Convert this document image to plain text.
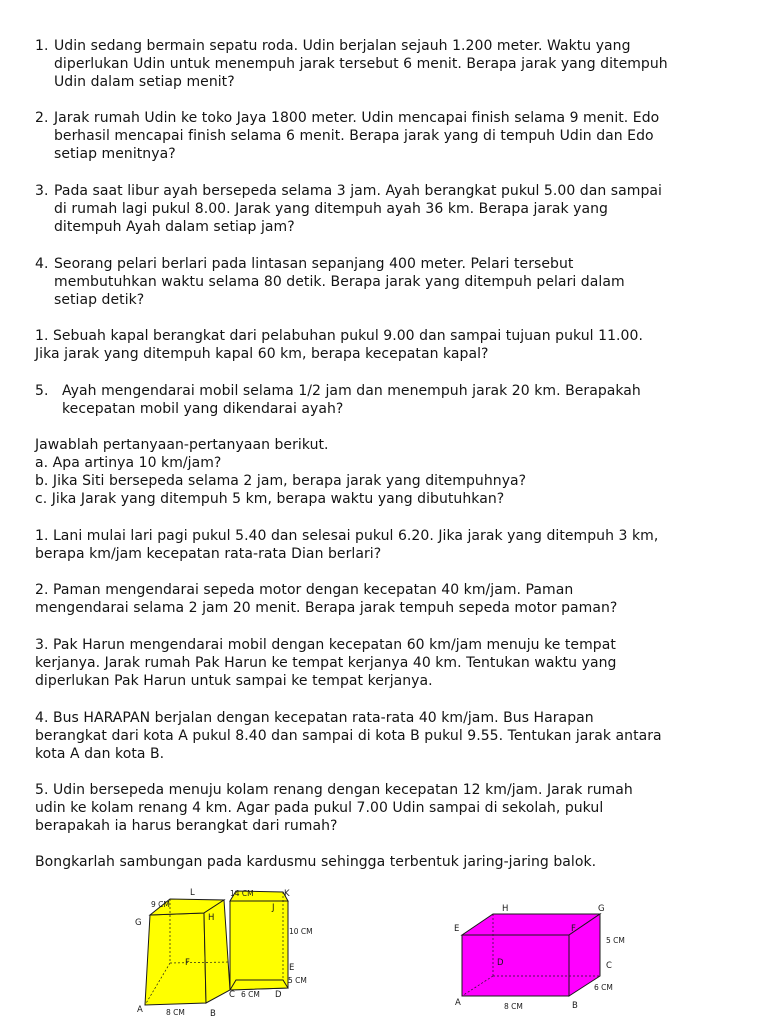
1. Udin sedang bermain sepatu roda. Udin berjalan sejauh 1.200 meter. Waktu yang
diperlukan Udin untuk menempuh jarak tersebut 6 menit. Berapa jarak yang ditempuh
Udin dalam setiap menit?
2. Jarak rumah Udin ke toko Jaya 1800 meter. Udin mencapai finish selama 9 menit. Edo
berhasil mencapai finish selama 6 menit. Berapa jarak yang di tempuh Udin dan Edo
setiap menitnya?
3. Pada saat libur ayah bersepeda selama 3 jam. Ayah berangkat pukul 5.00 dan sampai
di rumah lagi pukul 8.00. Jarak yang ditempuh ayah 36 km. Berapa jarak yang
ditempuh Ayah dalam setiap jam?
4. Seorang pelari berlari pada lintasan sepanjang 400 meter. Pelari tersebut
membutuhkan waktu selama 80 detik. Berapa jarak yang ditempuh pelari dalam
setiap detik?
1. Sebuah kapal berangkat dari pelabuhan pukul 9.00 dan sampai tujuan pukul 11.00.
Jika jarak yang ditempuh kapal 60 km, berapa kecepatan kapal?
5. Ayah mengendarai mobil selama 1/2 jam dan menempuh jarak 20 km. Berapakah
kecepatan mobil yang dikendarai ayah?
Jawablah pertanyaan-pertanyaan berikut.
a. Apa artinya 10 km/jam?
b. Jika Siti bersepeda selama 2 jam, berapa jarak yang ditempuhnya?
c. Jika Jarak yang ditempuh 5 km, berapa waktu yang dibutuhkan?
1. Lani mulai lari pagi pukul 5.40 dan selesai pukul 6.20. Jika jarak yang ditempuh 3 km,
berapa km/jam kecepatan rata-rata Dian berlari?
2. Paman mengendarai sepeda motor dengan kecepatan 40 km/jam. Paman
mengendarai selama 2 jam 20 menit. Berapa jarak tempuh sepeda motor paman?
3. Pak Harun mengendarai mobil dengan kecepatan 60 km/jam menuju ke tempat
kerjanya. Jarak rumah Pak Harun ke tempat kerjanya 40 km. Tentukan waktu yang
diperlukan Pak Harun untuk sampai ke tempat kerjanya.
4. Bus HARAPAN berjalan dengan kecepatan rata-rata 40 km/jam. Bus Harapan
berangkat dari kota A pukul 8.40 dan sampai di kota B pukul 9.55. Tentukan jarak antara
kota A dan kota B.
5. Udin bersepeda menuju kolam renang dengan kecepatan 12 km/jam. Jarak rumah
udin ke kolam renang 4 km. Agar pada pukul 7.00 Udin sampai di sekolah, pukul
berapakah ia harus berangkat dari rumah?
Bongkarlah sambungan pada kardusmu sehingga terbentuk jaring-jaring balok.
9 CM
14 CM
10 CM
5 CM
6 CM
8 CM
G	H
L
J
K
F	E
C	D
A	B
H	G
E	F
5 CM
D	C
6 CM
A	8 CM	B
